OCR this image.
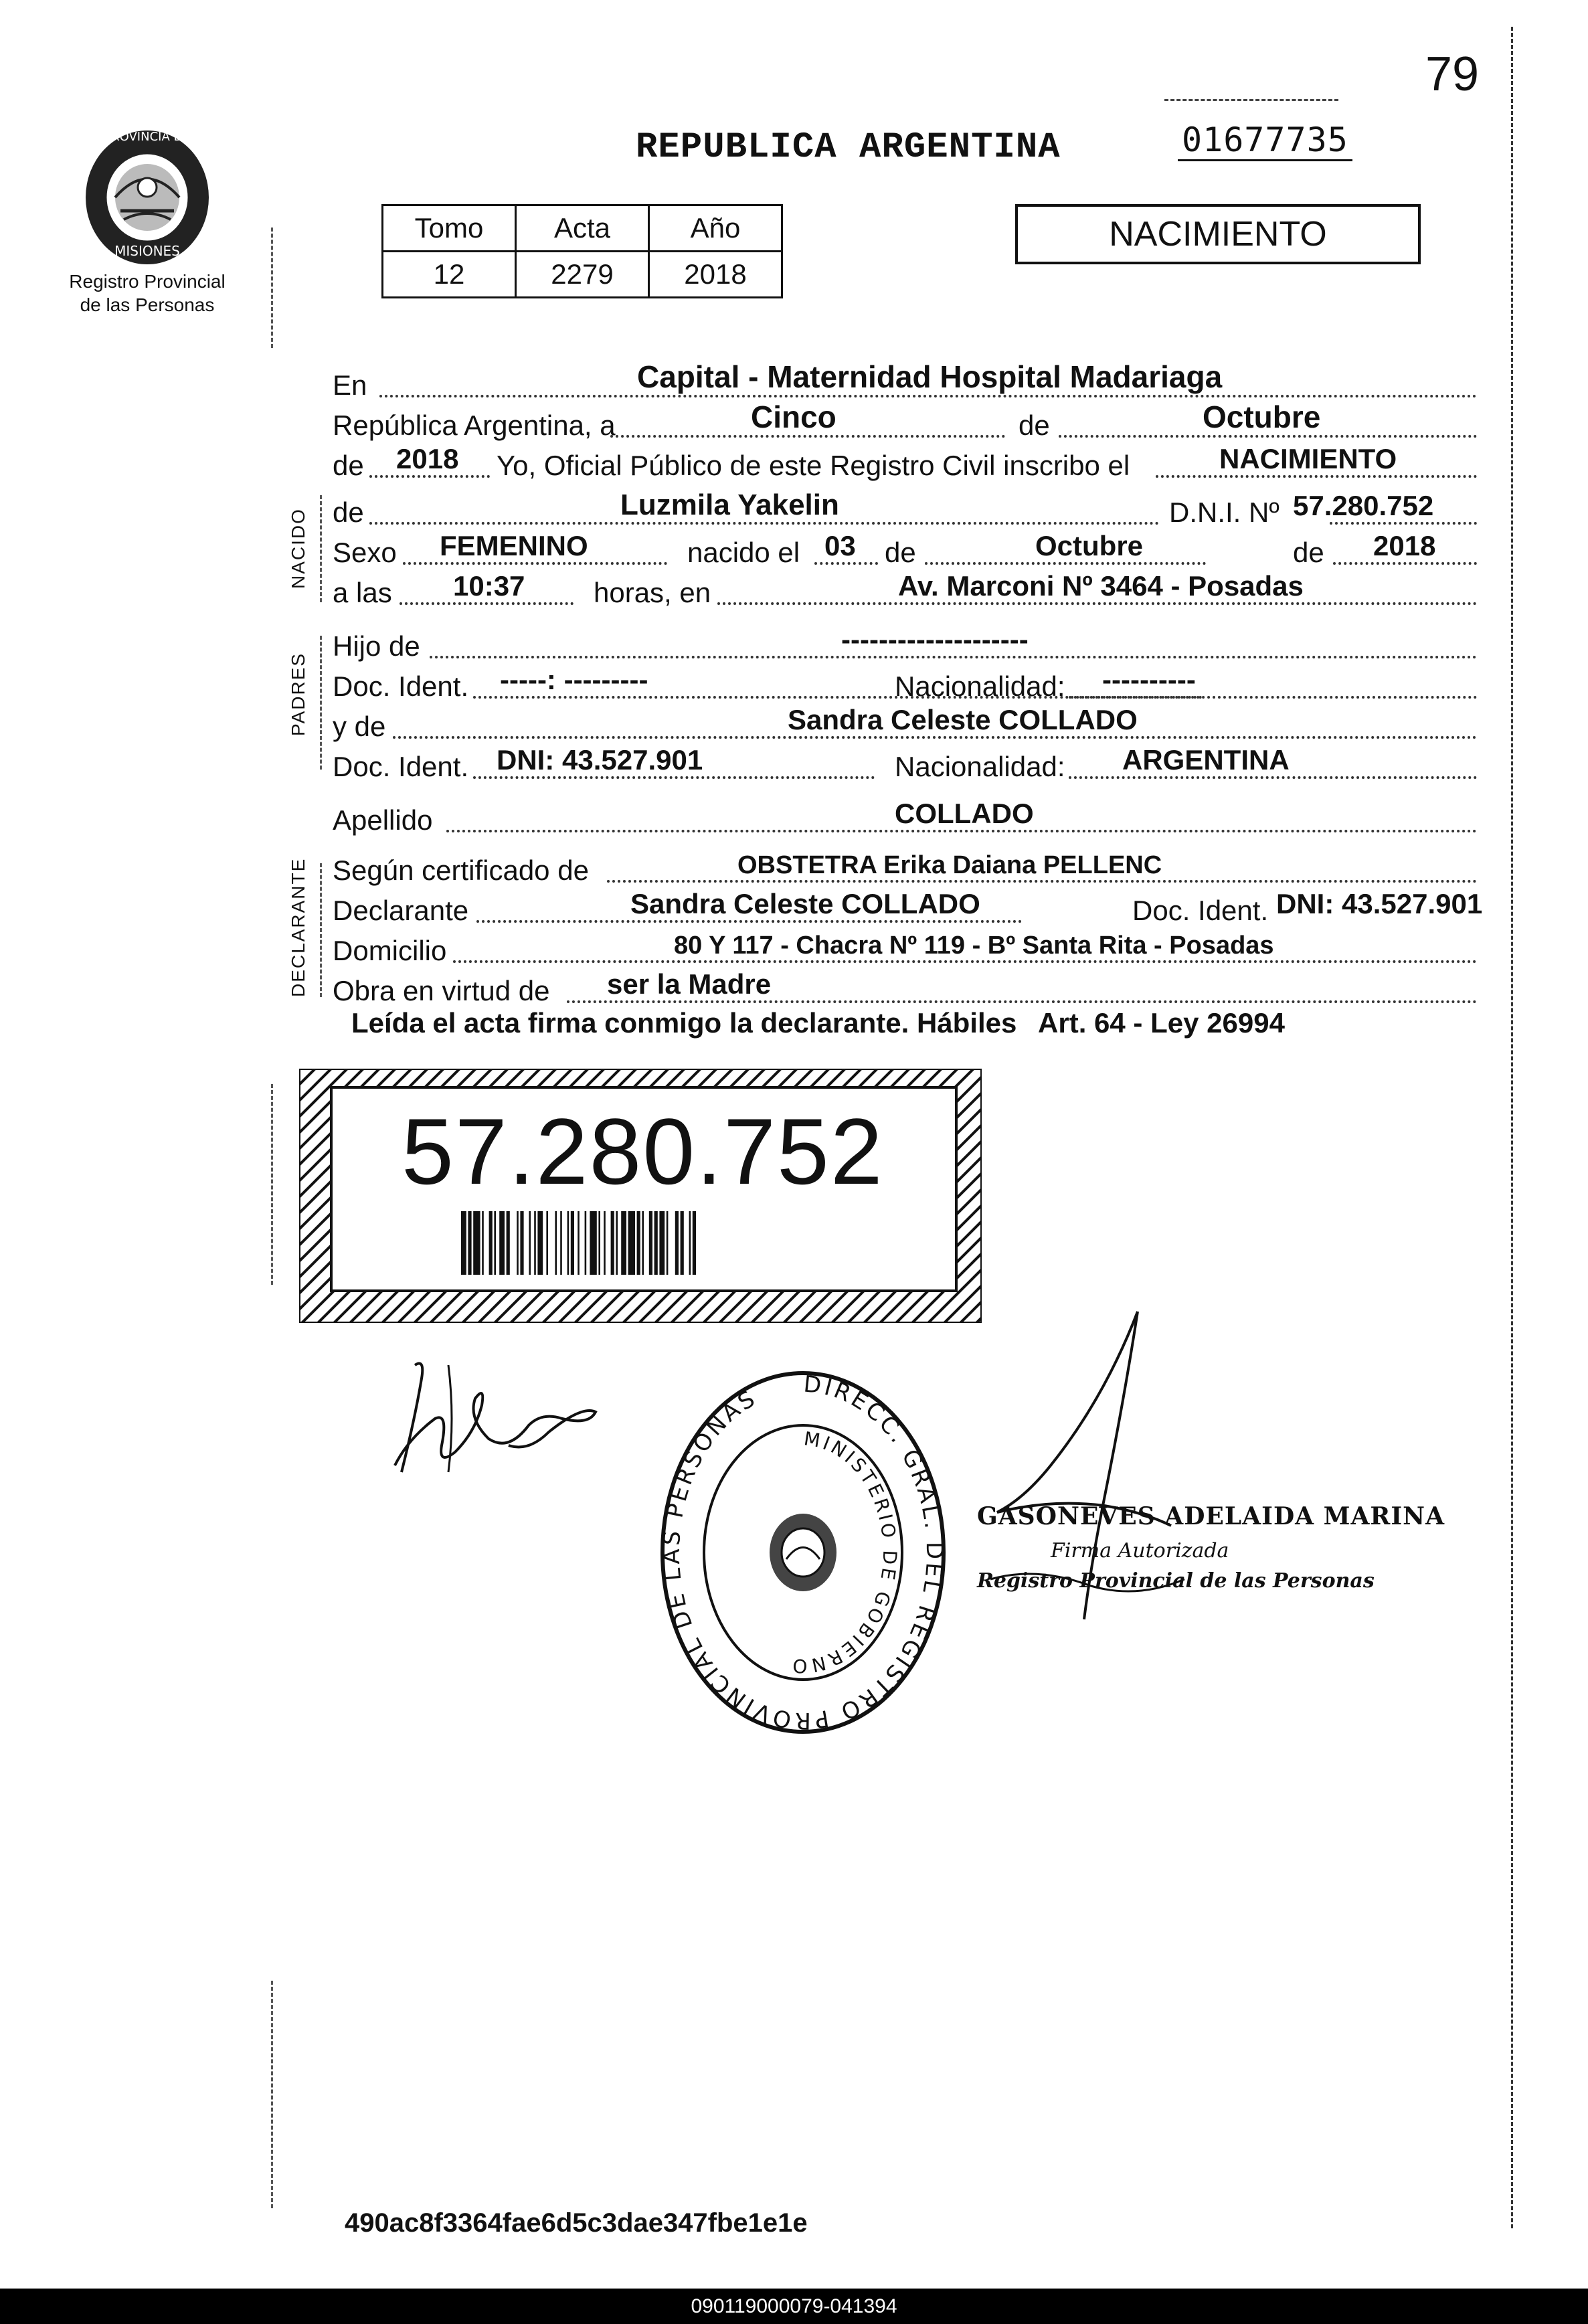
79
01677735
REPUBLICA ARGENTINA
PROVINCIA DE
MISIONES
Registro Provincial
de las Personas
Tomo	Acta	Año
12	2279	2018
NACIMIENTO
NACIDO
PADRES
DECLARANTE
En	Capital - Maternidad Hospital Madariaga
República Argentina, a	Cinco	de	Octubre
de 2018 Yo, Oficial Público de este Registro Civil inscribo el	NACIMIENTO
de	Luzmila Yakelin	D.N.I. Nº 57.280.752
Sexo FEMENINO	nacido el 03 de	Octubre	de 2018
a las 10:37 horas, en	Av. Marconi Nº 3464 - Posadas
Hijo de	--------------------
Doc. Ident. -----: ---------	Nacionalidad: ----------
y de	Sandra Celeste COLLADO
Doc. Ident. DNI: 43.527.901	Nacionalidad: ARGENTINA
Apellido	COLLADO
Según certificado de	OBSTETRA Erika Daiana PELLENC
Declarante	Sandra Celeste COLLADO	Doc. Ident. DNI: 43.527.901
Domicilio	80 Y 117 - Chacra Nº 119 - Bº Santa Rita - Posadas
Obra en virtud de ser la Madre
Leída el acta firma conmigo la declarante. Hábiles Art. 64 - Ley 26994
57.280.752
DIRECC. GRAL. DEL REGISTRO PROVINCIAL DE LAS PERSONAS
MINISTERIO DE GOBIERNO
GASONEVES ADELAIDA MARINA
Firma Autorizada
Registro Provincial de las Personas
490ac8f3364fae6d5c3dae347fbe1e1e
090119000079-041394
